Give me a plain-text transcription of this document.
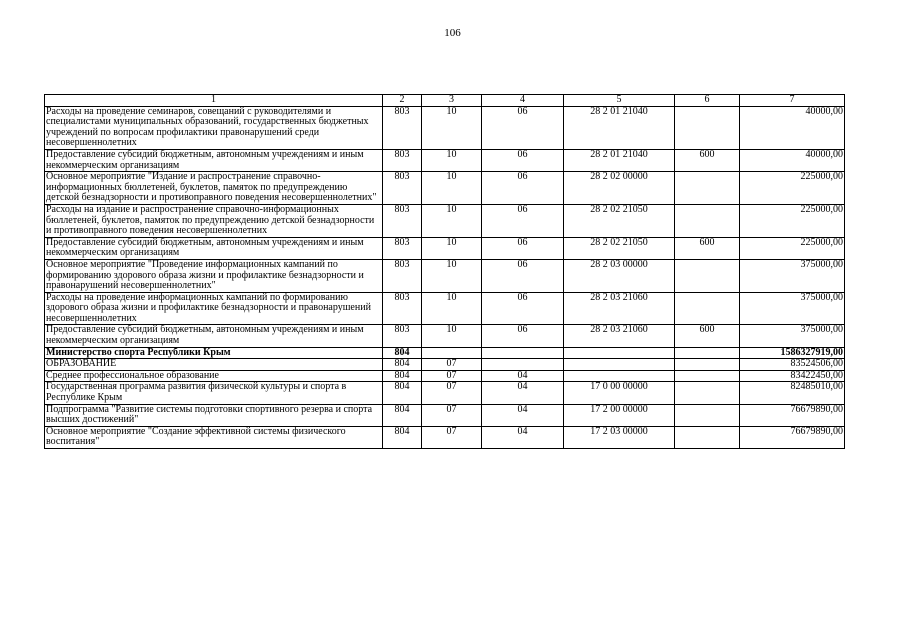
106
1	2	3	4	5	6	7
Расходы на проведение семинаров, совещаний с руководителями и специалистами муниципальных образований, государственных бюджетных учреждений по вопросам профилактики правонарушений среди несовершеннолетних	803	10	06	28 2 01 21040		40000,00
Предоставление субсидий бюджетным, автономным учреждениям и иным некоммерческим организациям	803	10	06	28 2 01 21040	600	40000,00
Основное мероприятие "Издание и распространение справочно-информационных бюллетеней, буклетов, памяток по предупреждению детской безнадзорности и противоправного поведения несовершеннолетних"	803	10	06	28 2 02 00000		225000,00
Расходы на издание и распространение справочно-информационных бюллетеней, буклетов, памяток по предупреждению детской безнадзорности и противоправного поведения несовершеннолетних	803	10	06	28 2 02 21050		225000,00
Предоставление субсидий бюджетным, автономным учреждениям и иным некоммерческим организациям	803	10	06	28 2 02 21050	600	225000,00
Основное мероприятие "Проведение информационных кампаний по формированию здорового образа жизни и профилактике безнадзорности и правонарушений несовершеннолетних"	803	10	06	28 2 03 00000		375000,00
Расходы на проведение информационных кампаний по формированию здорового образа жизни и профилактике безнадзорности и правонарушений несовершеннолетних	803	10	06	28 2 03 21060		375000,00
Предоставление субсидий бюджетным, автономным учреждениям и иным некоммерческим организациям	803	10	06	28 2 03 21060	600	375000,00
Министерство спорта Республики Крым	804					1586327919,00
ОБРАЗОВАНИЕ	804	07				83524506,00
Среднее профессиональное образование	804	07	04			83422450,00
Государственная программа развития физической культуры и спорта в Республике Крым	804	07	04	17 0 00 00000		82485010,00
Подпрограмма "Развитие системы подготовки спортивного резерва и спорта высших достижений"	804	07	04	17 2 00 00000		76679890,00
Основное мероприятие "Создание эффективной системы физического воспитания"	804	07	04	17 2 03 00000		76679890,00
